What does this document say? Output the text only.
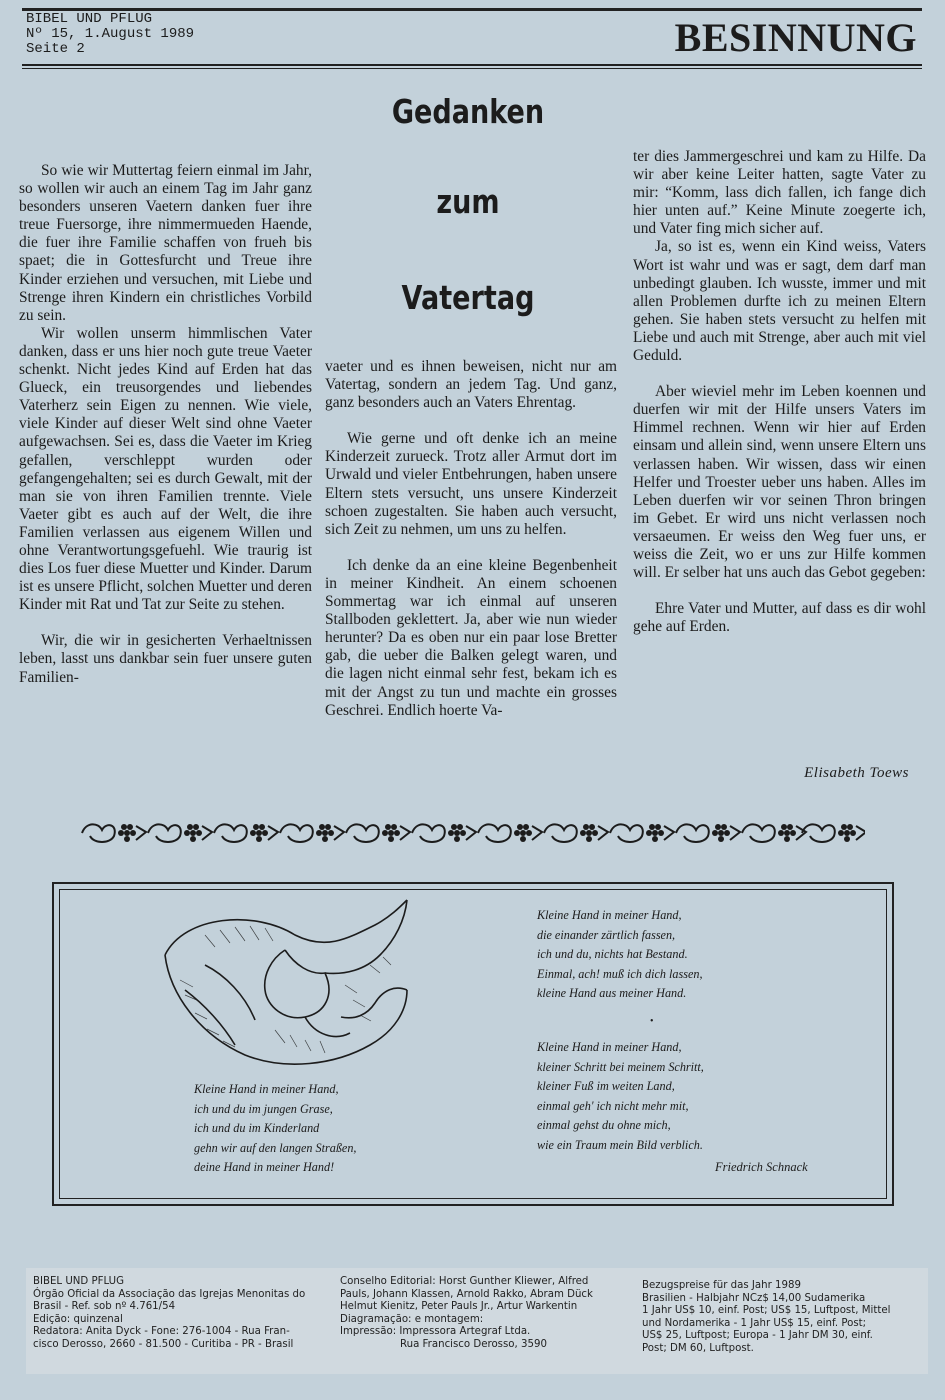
BIBEL UND PFLUG
Nº 15, 1.August 1989
Seite 2	BESINNUNG
Gedanken
zum
Vatertag

So wie wir Muttertag feiern einmal im Jahr, so wollen wir auch an einem Tag im Jahr ganz besonders unseren Vaetern danken fuer ihre treue Fuersorge, ihre nimmermueden Haende, die fuer ihre Familie schaffen von frueh bis spaet; die in Gottesfurcht und Treue ihre Kinder erziehen und versuchen, mit Liebe und Strenge ihren Kindern ein christliches Vorbild zu sein.

Wir wollen unserm himmlischen Vater danken, dass er uns hier noch gute treue Vaeter schenkt. Nicht jedes Kind auf Erden hat das Glueck, ein treusorgendes und liebendes Vaterherz sein Eigen zu nennen. Wie viele, viele Kinder auf dieser Welt sind ohne Vaeter aufgewachsen. Sei es, dass die Vaeter im Krieg gefallen, verschleppt wurden oder gefangengehalten; sei es durch Gewalt, mit der man sie von ihren Familien trennte. Viele Vaeter gibt es auch auf der Welt, die ihre Familien verlassen aus eigenem Willen und ohne Verantwortungsgefuehl. Wie traurig ist dies Los fuer diese Muetter und Kinder. Darum ist es unsere Pflicht, solchen Muetter und deren Kinder mit Rat und Tat zur Seite zu stehen.

Wir, die wir in gesicherten Verhaeltnissen leben, lasst uns dankbar sein fuer unsere guten Familien-

vaeter und es ihnen beweisen, nicht nur am Vatertag, sondern an jedem Tag. Und ganz, ganz besonders auch an Vaters Ehrentag.

Wie gerne und oft denke ich an meine Kinderzeit zurueck. Trotz aller Armut dort im Urwald und vieler Entbehrungen, haben unsere Eltern stets versucht, uns unsere Kinderzeit schoen zugestalten. Sie haben auch versucht, sich Zeit zu nehmen, um uns zu helfen.

Ich denke da an eine kleine Begenbenheit in meiner Kindheit. An einem schoenen Sommertag war ich einmal auf unseren Stallboden geklettert. Ja, aber wie nun wieder herunter? Da es oben nur ein paar lose Bretter gab, die ueber die Balken gelegt waren, und die lagen nicht einmal sehr fest, bekam ich es mit der Angst zu tun und machte ein grosses Geschrei. Endlich hoerte Va-

ter dies Jammergeschrei und kam zu Hilfe. Da wir aber keine Leiter hatten, sagte Vater zu mir: “Komm, lass dich fallen, ich fange dich hier unten auf.” Keine Minute zoegerte ich, und Vater fing mich sicher auf.

Ja, so ist es, wenn ein Kind weiss, Vaters Wort ist wahr und was er sagt, dem darf man unbedingt glauben. Ich wusste, immer und mit allen Problemen durfte ich zu meinen Eltern gehen. Sie haben stets versucht zu helfen mit Liebe und auch mit Strenge, aber auch mit viel Geduld.

Aber wieviel mehr im Leben koennen und duerfen wir mit der Hilfe unsers Vaters im Himmel rechnen. Wenn wir hier auf Erden einsam und allein sind, wenn unsere Eltern uns verlassen haben. Wir wissen, dass wir einen Helfer und Troester ueber uns haben. Alles im Leben duerfen wir vor seinen Thron bringen im Gebet. Er wird uns nicht verlassen noch versaeumen. Er weiss den Weg fuer uns, er weiss die Zeit, wo er uns zur Hilfe kommen will. Er selber hat uns auch das Gebot gegeben:

Ehre Vater und Mutter, auf dass es dir wohl gehe auf Erden.

Elisabeth Toews
Kleine Hand in meiner Hand,
ich und du im jungen Grase,
ich und du im Kinderland
gehn wir auf den langen Straßen,
deine Hand in meiner Hand!
Kleine Hand in meiner Hand,
die einander zärtlich fassen,
ich und du, nichts hat Bestand.
Einmal, ach! muß ich dich lassen,
kleine Hand aus meiner Hand.
•
Kleine Hand in meiner Hand,
kleiner Schritt bei meinem Schritt,
kleiner Fuß im weiten Land,
einmal geh' ich nicht mehr mit,
einmal gehst du ohne mich,
wie ein Traum mein Bild verblich.
Friedrich Schnack
BIBEL UND PFLUG
Órgão Oficial da Associação das Igrejas Menonitas do
Brasil - Ref. sob nº 4.761/54
Edição: quinzenal
Redatora: Anita Dyck - Fone: 276-1004 - Rua Fran-
cisco Derosso, 2660 - 81.500 - Curitiba - PR - Brasil
Conselho Editorial: Horst Gunther Kliewer, Alfred
Pauls, Johann Klassen, Arnold Rakko, Abram Dück
Helmut Kienitz, Peter Pauls Jr., Artur Warkentin
Diagramação: e montagem:
Impressão: Impressora Artegraf Ltda.
Rua Francisco Derosso, 3590
Bezugspreise für das Jahr 1989
Brasilien - Halbjahr NCz$ 14,00 Sudamerika
1 Jahr US$ 10, einf. Post; US$ 15, Luftpost, Mittel
und Nordamerika - 1 Jahr US$ 15, einf. Post;
US$ 25, Luftpost; Europa - 1 Jahr DM 30, einf.
Post; DM 60, Luftpost.
